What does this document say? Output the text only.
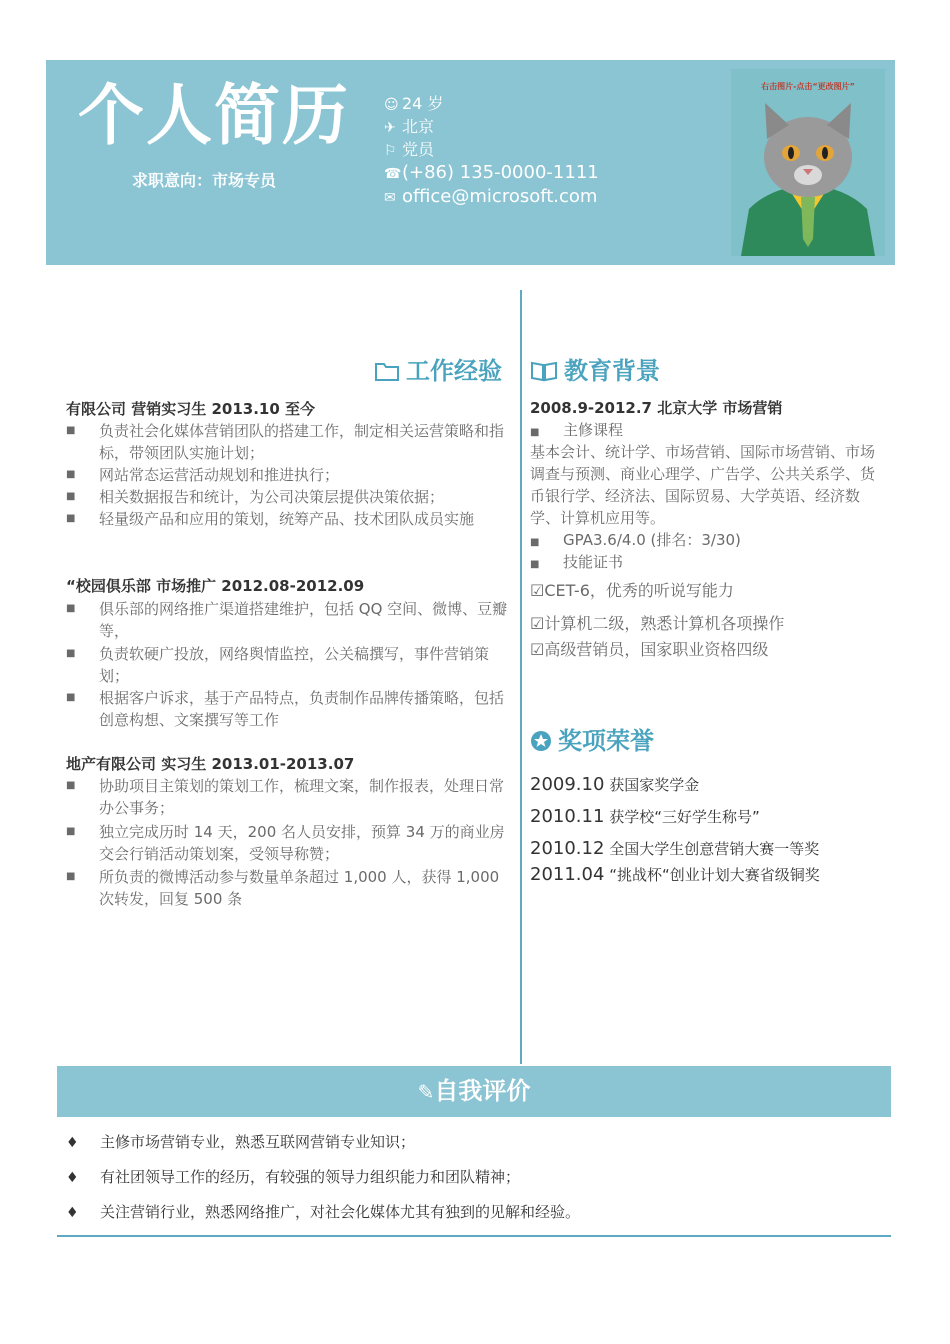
个人简历
求职意向：市场专员
☺ 24 岁
✈ 北京
⚐ 党员
☎(+86) 135-0000-1111
✉ office@microsoft.com
右击图片-点击“更改图片”
工作经验
有限公司 营销实习生 2013.10 至今
■ 负责社会化媒体营销团队的搭建工作，制定相关运营策略和指标，带领团队实施计划；
■ 网站常态运营活动规划和推进执行；
■ 相关数据报告和统计，为公司决策层提供决策依据；
■ 轻量级产品和应用的策划，统筹产品、技术团队成员实施
“校园俱乐部 市场推广 2012.08-2012.09
■ 俱乐部的网络推广渠道搭建维护，包括 QQ 空间、微博、豆瓣等，
■ 负责软硬广投放，网络舆情监控，公关稿撰写，事件营销策划；
■ 根据客户诉求，基于产品特点，负责制作品牌传播策略，包括创意构想、文案撰写等工作
地产有限公司 实习生 2013.01-2013.07
■ 协助项目主策划的策划工作，梳理文案，制作报表，处理日常办公事务；
■ 独立完成历时 14 天，200 名人员安排，预算 34 万的商业房交会行销活动策划案，受领导称赞；
■ 所负责的微博活动参与数量单条超过 1,000 人，获得 1,000 次转发，回复 500 条
教育背景
2008.9-2012.7 北京大学 市场营销
■ 主修课程
基本会计、统计学、市场营销、国际市场营销、市场调查与预测、商业心理学、广告学、公共关系学、货币银行学、经济法、国际贸易、大学英语、经济数学、计算机应用等。
■ GPA3.6/4.0 (排名：3/30)
■ 技能证书
☑CET-6，优秀的听说写能力
☑计算机二级，熟悉计算机各项操作
☑高级营销员，国家职业资格四级
奖项荣誉
2009.10 获国家奖学金
2010.11 获学校“三好学生称号”
2010.12 全国大学生创意营销大赛一等奖
2011.04 “挑战杯“创业计划大赛省级铜奖
✎自我评价
♦ 主修市场营销专业，熟悉互联网营销专业知识；
♦ 有社团领导工作的经历，有较强的领导力组织能力和团队精神；
♦ 关注营销行业，熟悉网络推广，对社会化媒体尤其有独到的见解和经验。
